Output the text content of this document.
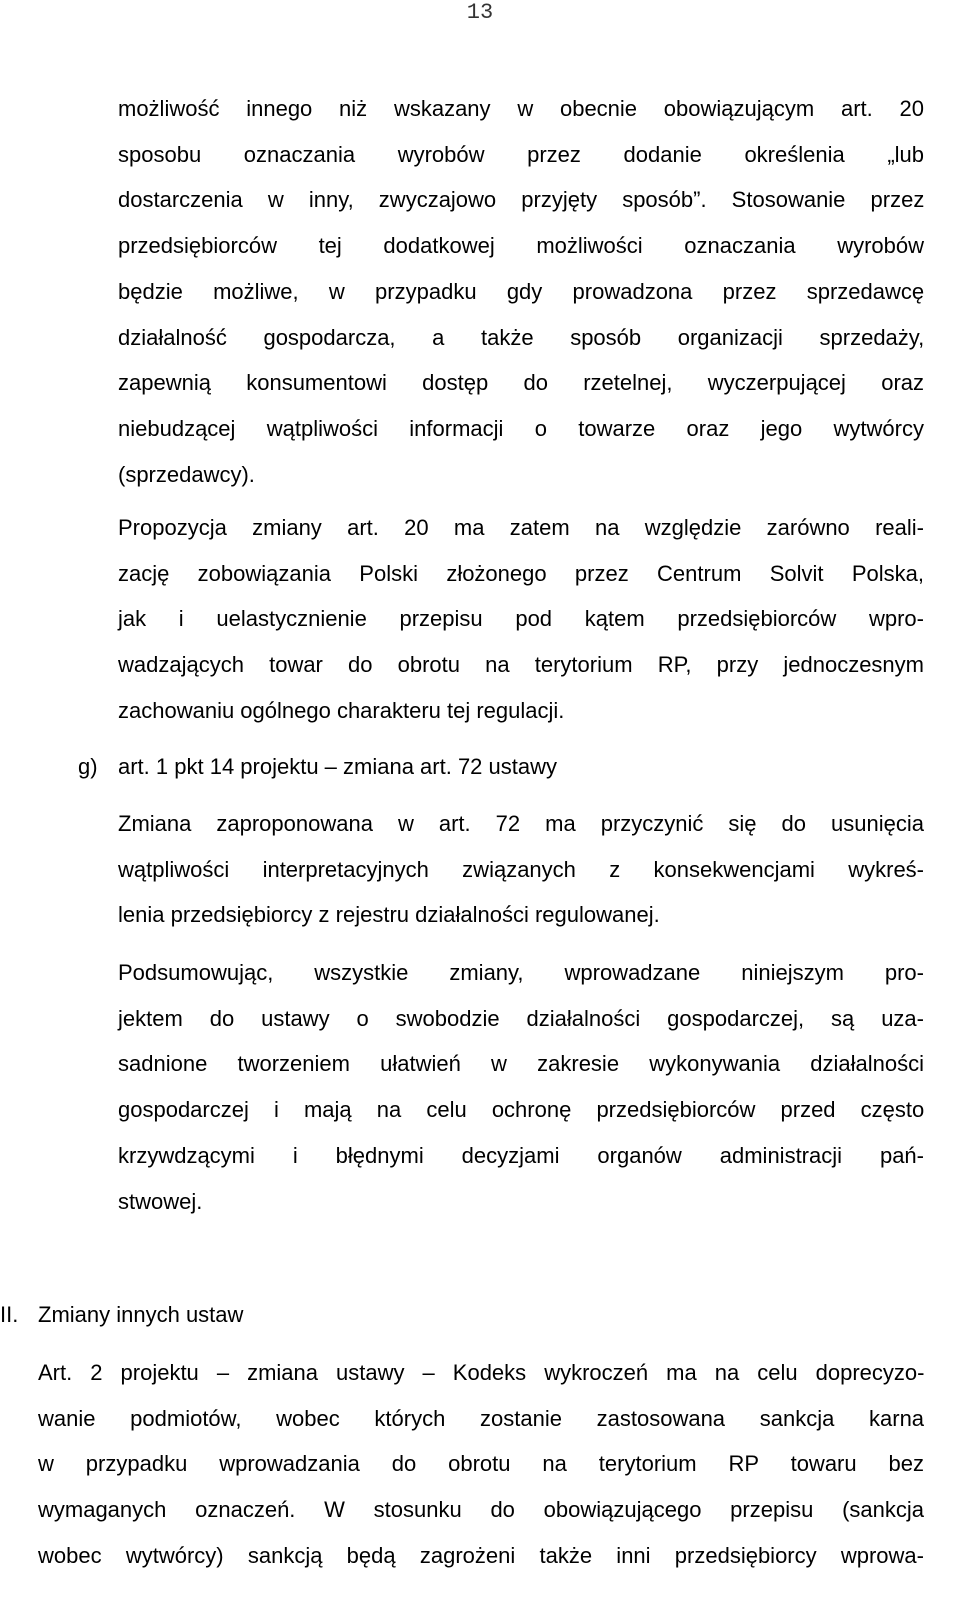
13
możliwość innego niż wskazany w obecnie obowiązującym art. 20
sposobu oznaczania wyrobów przez dodanie określenia „lub
dostarczenia w inny, zwyczajowo przyjęty sposób”. Stosowanie przez
przedsiębiorców tej dodatkowej możliwości oznaczania wyrobów
będzie możliwe, w przypadku gdy prowadzona przez sprzedawcę
działalność gospodarcza, a także sposób organizacji sprzedaży,
zapewnią konsumentowi dostęp do rzetelnej, wyczerpującej oraz
niebudzącej wątpliwości informacji o towarze oraz jego wytwórcy
(sprzedawcy).
Propozycja zmiany art. 20 ma zatem na względzie zarówno reali-
zację zobowiązania Polski złożonego przez Centrum Solvit Polska,
jak i uelastycznienie przepisu pod kątem przedsiębiorców wpro-
wadzających towar do obrotu na terytorium RP, przy jednoczesnym
zachowaniu ogólnego charakteru tej regulacji.
g) art. 1 pkt 14 projektu – zmiana art. 72 ustawy
Zmiana zaproponowana w art. 72 ma przyczynić się do usunięcia
wątpliwości interpretacyjnych związanych z konsekwencjami wykreś-
lenia przedsiębiorcy z rejestru działalności regulowanej.
Podsumowując, wszystkie zmiany, wprowadzane niniejszym pro-
jektem do ustawy o swobodzie działalności gospodarczej, są uza-
sadnione tworzeniem ułatwień w zakresie wykonywania działalności
gospodarczej i mają na celu ochronę przedsiębiorców przed często
krzywdzącymi i błędnymi decyzjami organów administracji pań-
stwowej.
II. Zmiany innych ustaw
Art. 2 projektu – zmiana ustawy – Kodeks wykroczeń ma na celu doprecyzo-
wanie podmiotów, wobec których zostanie zastosowana sankcja karna
w przypadku wprowadzania do obrotu na terytorium RP towaru bez
wymaganych oznaczeń. W stosunku do obowiązującego przepisu (sankcja
wobec wytwórcy) sankcją będą zagrożeni także inni przedsiębiorcy wprowa-
